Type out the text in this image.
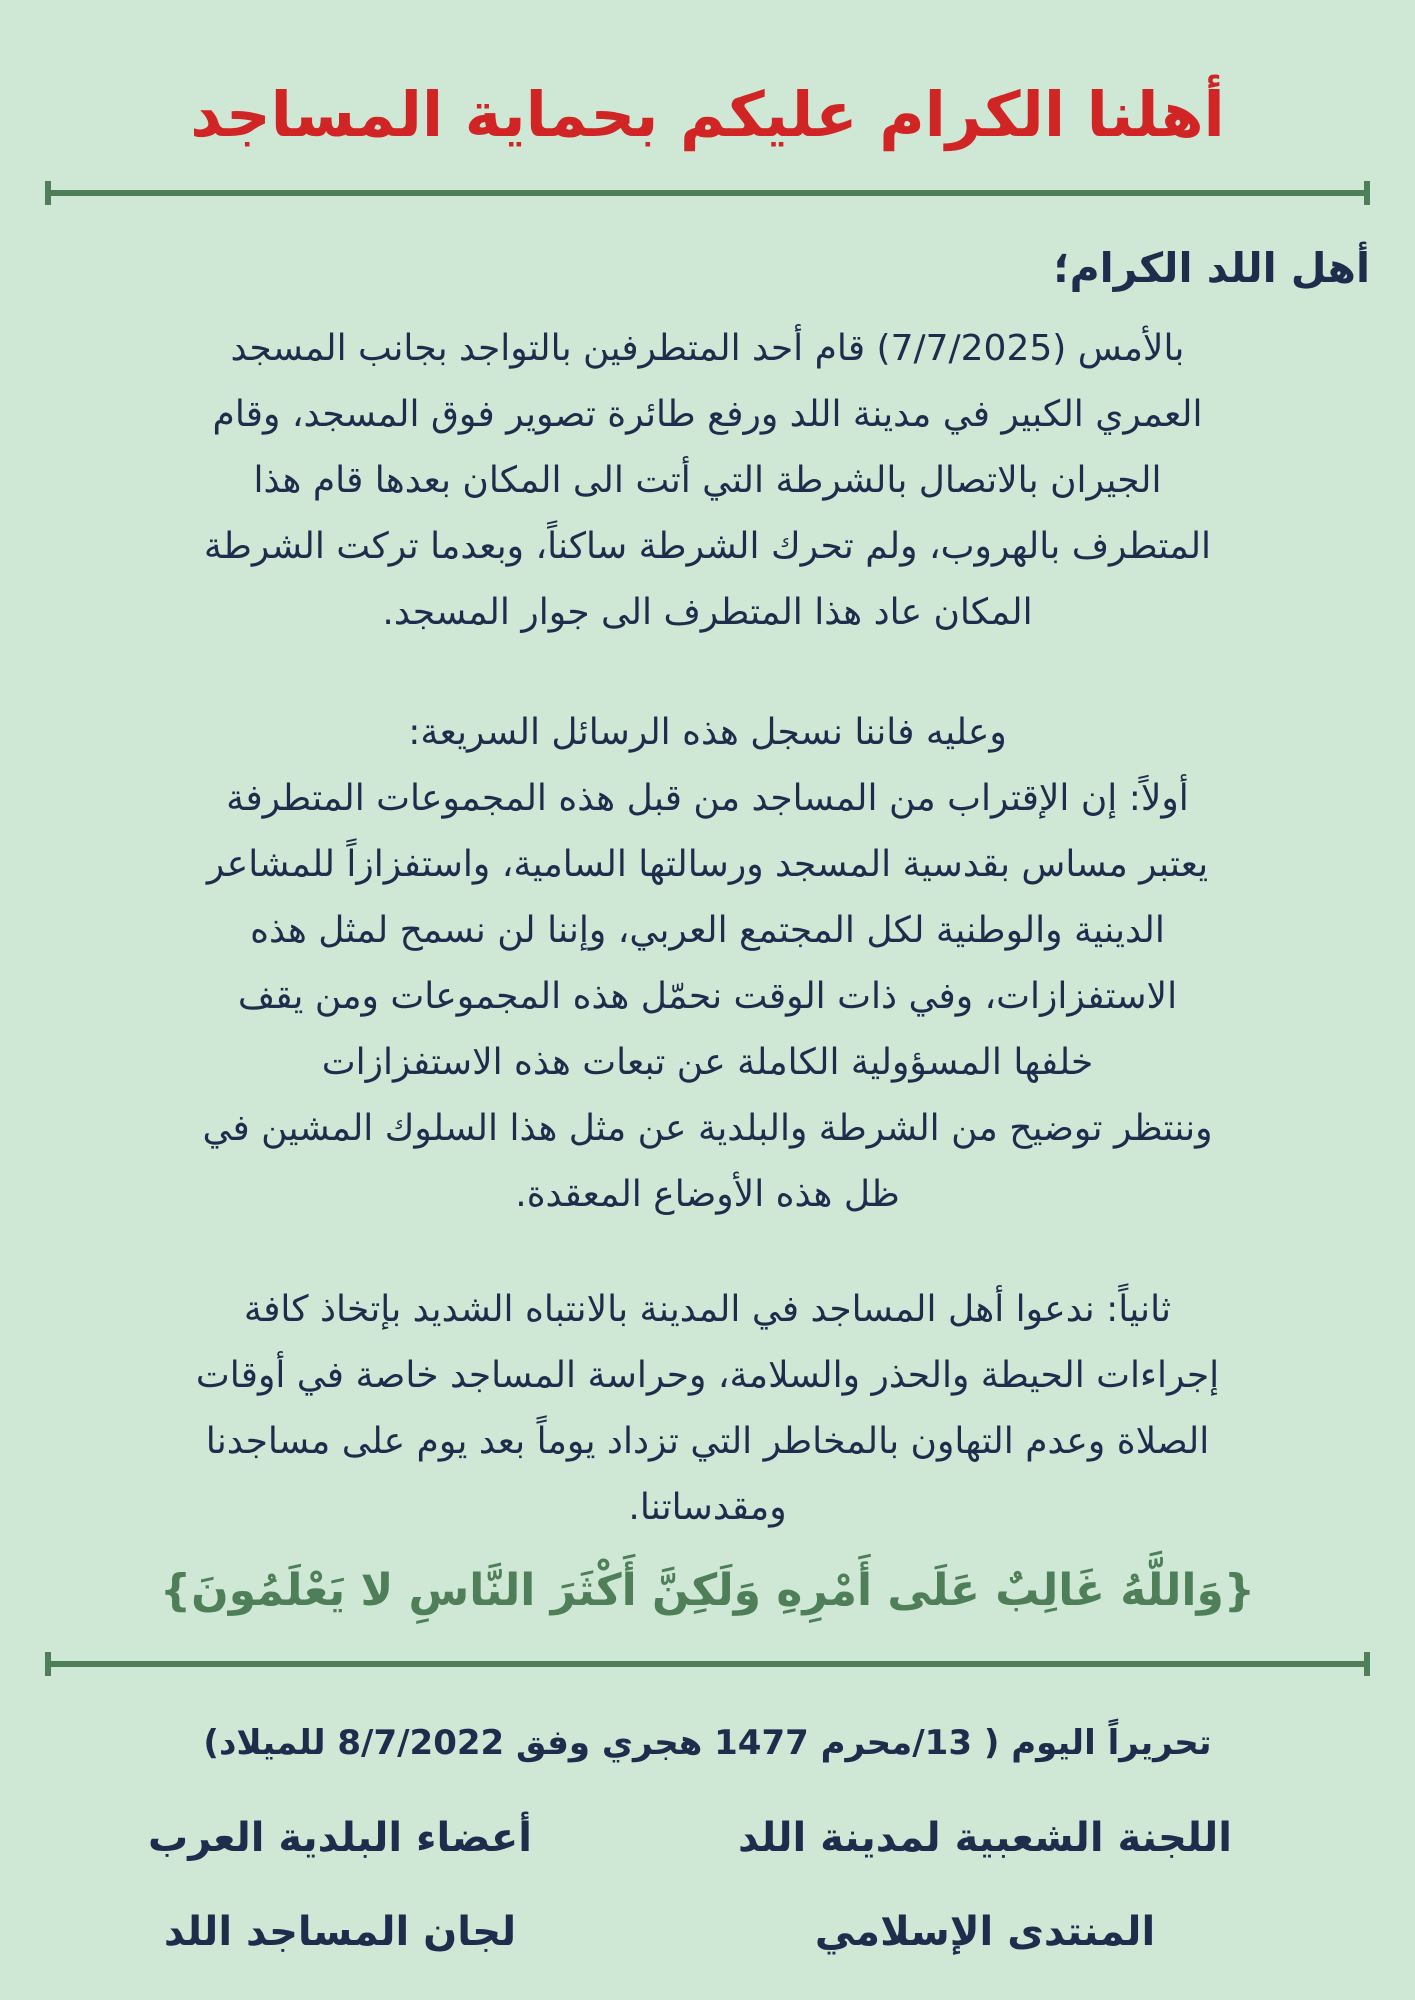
أهلنا الكرام عليكم بحماية المساجد
أهل اللد الكرام؛
بالأمس (7/7/2025) قام أحد المتطرفين بالتواجد بجانب المسجد
العمري الكبير في مدينة اللد ورفع طائرة تصوير فوق المسجد، وقام
الجيران بالاتصال بالشرطة التي أتت الى المكان بعدها قام هذا
المتطرف بالهروب، ولم تحرك الشرطة ساكناً، وبعدما تركت الشرطة
المكان عاد هذا المتطرف الى جوار المسجد.
وعليه فاننا نسجل هذه الرسائل السريعة:
أولاً: إن الإقتراب من المساجد من قبل هذه المجموعات المتطرفة
يعتبر مساس بقدسية المسجد ورسالتها السامية، واستفزازاً للمشاعر
الدينية والوطنية لكل المجتمع العربي، وإننا لن نسمح لمثل هذه
الاستفزازات، وفي ذات الوقت نحمّل هذه المجموعات ومن يقف
خلفها المسؤولية الكاملة عن تبعات هذه الاستفزازات
وننتظر توضيح من الشرطة والبلدية عن مثل هذا السلوك المشين في
ظل هذه الأوضاع المعقدة.
ثانياً: ندعوا أهل المساجد في المدينة بالانتباه الشديد بإتخاذ كافة
إجراءات الحيطة والحذر والسلامة، وحراسة المساجد خاصة في أوقات
الصلاة وعدم التهاون بالمخاطر التي تزداد يوماً بعد يوم على مساجدنا
ومقدساتنا.
{وَاللَّهُ غَالِبٌ عَلَى أَمْرِهِ وَلَكِنَّ أَكْثَرَ النَّاسِ لا يَعْلَمُونَ}
تحريراً اليوم ( 13/محرم 1477 هجري وفق 8/7/2022 للميلاد)
اللجنة الشعبية لمدينة اللد
أعضاء البلدية العرب
المنتدى الإسلامي
لجان المساجد اللد
